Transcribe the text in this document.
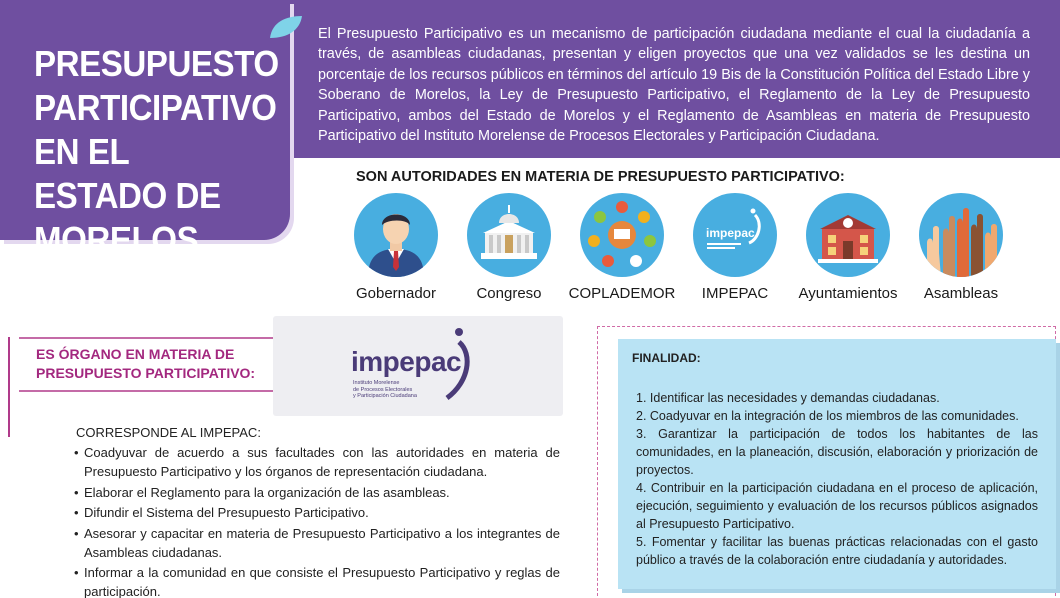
PRESUPUESTO
PARTICIPATIVO
EN EL ESTADO DE
MORELOS

El Presupuesto Participativo es un mecanismo de participación ciudadana mediante el cual la ciudadanía a través, de asambleas ciudadanas, presentan y eligen proyectos que una vez validados se les destina un porcentaje de los recursos públicos en términos del artículo 19 Bis de la Constitución Política del Estado Libre y Soberano de Morelos, la Ley de Presupuesto Participativo, el Reglamento de la Ley de Presupuesto Participativo, ambos del Estado de Morelos y el Reglamento de Asambleas en materia de Presupuesto Participativo del Instituto Morelense de Procesos Electorales y Participación Ciudadana.

SON AUTORIDADES EN MATERIA DE PRESUPUESTO PARTICIPATIVO:
Gobernador	Congreso	COPLADEMOR
impepac
IMPEPAC	Ayuntamientos	Asambleas
ES ÓRGANO EN MATERIA DE
PRESUPUESTO PARTICIPATIVO:	impepac
Instituto Morelense
de Procesos Electorales
y Participación Ciudadana
CORRESPONDE AL IMPEPAC:
• Coadyuvar de acuerdo a sus facultades con las autoridades en materia de Presupuesto Participativo y los órganos de representación ciudadana.
• Elaborar el Reglamento para la organización de las asambleas.
• Difundir el Sistema del Presupuesto Participativo.
• Asesorar y capacitar en materia de Presupuesto Participativo a los integrantes de Asambleas ciudadanas.
• Informar a la comunidad en que consiste el Presupuesto Participativo y reglas de participación.
FINALIDAD:
1. Identificar las necesidades y demandas ciudadanas.
2. Coadyuvar en la integración de los miembros de las comunidades.
3. Garantizar la participación de todos los habitantes de las comunidades, en la planeación, discusión, elaboración y priorización de proyectos.
4. Contribuir en la participación ciudadana en el proceso de aplicación, ejecución, seguimiento y evaluación de los recursos públicos asignados al Presupuesto Participativo.
5. Fomentar y facilitar las buenas prácticas relacionadas con el gasto público a través de la colaboración entre ciudadanía y autoridades.
